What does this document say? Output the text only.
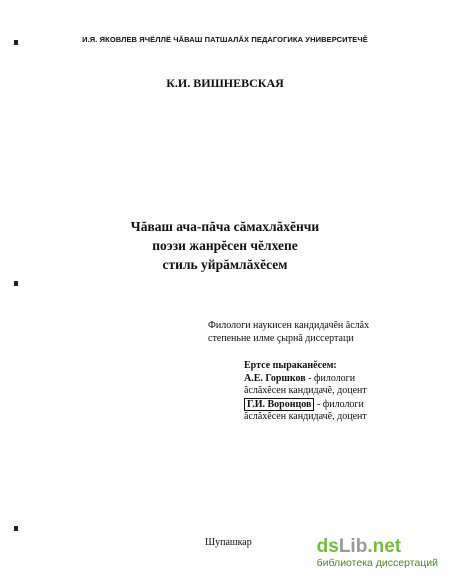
И.Я. ЯКОВЛЕВ ЯЧЁЛЛЁ ЧĂВАШ ПАТШАЛĂХ ПЕДАГОГИКА УНИВЕРСИТЕЧĚ
К.И. ВИШНЕВСКАЯ
Чăваш ача-пăча сăмахлăхĕнчи
поэзи жанрĕсен чĕлхепе
стиль уйрăмлăхĕсем
Филологи наукисен кандидачĕн ăслăх
степеньне илме çырнă диссертаци
Ертсе пыраканĕсем:
А.Е. Горшков - филологи
ăслăхĕсен кандидачĕ, доцент
Г.И. Воронцов - филологи
ăслăхĕсен кандидачĕ, доцент
Шупашкар	dsLib.net
библиотека диссертаций
